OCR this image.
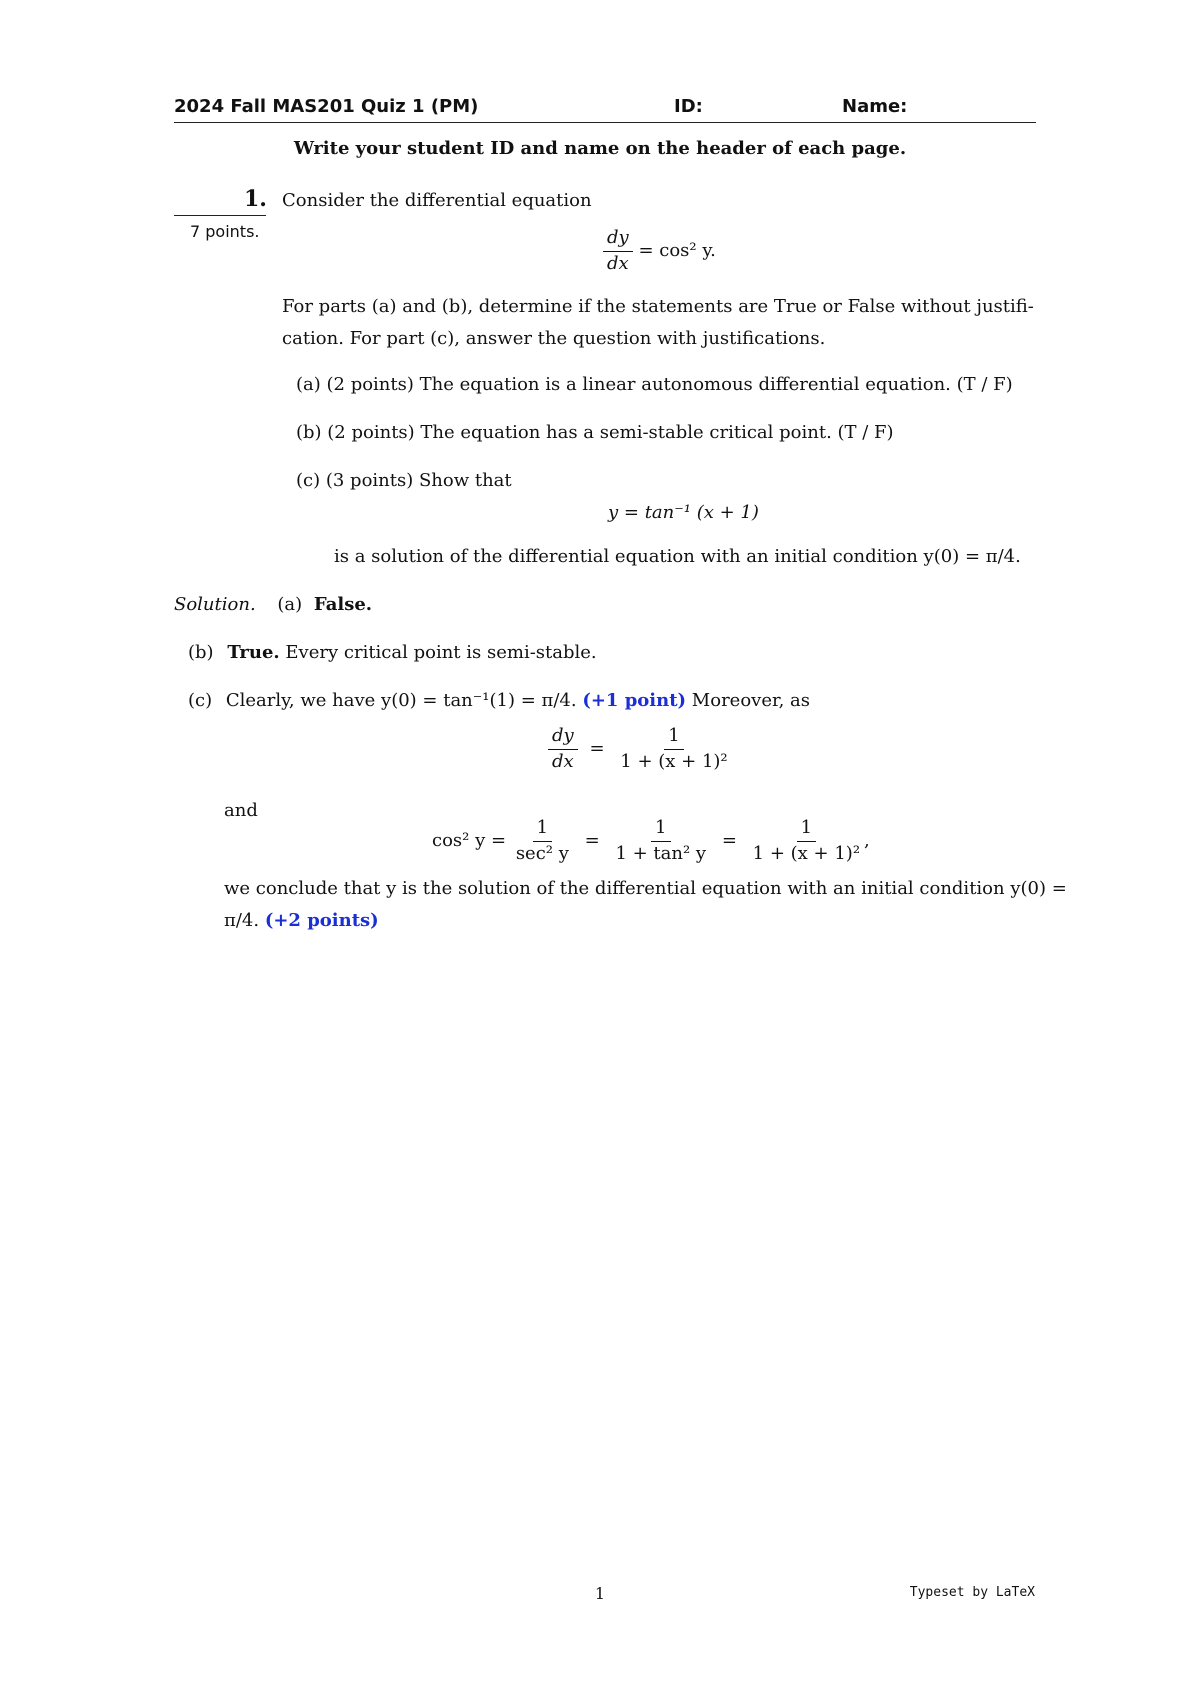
2024 Fall MAS201 Quiz 1 (PM)	ID:	Name:
Write your student ID and name on the header of each page.
1.
7 points.
Consider the differential equation
$\frac{dy}{dx} = \cos^2$ y.
For parts (a) and (b), determine if the statements are True or False without justifi-
cation. For part (c), answer the question with justifications.
(a) (2 points) The equation is a linear autonomous differential equation. (T / F)
(b) (2 points) The equation has a semi-stable critical point. (T / F)
(c) (3 points) Show that
y = tan⁻¹ (x + 1)
is a solution of the differential equation with an initial condition y(0) = π/4.
Solution. (a) False.
(b) True. Every critical point is semi-stable.
(c) Clearly, we have y(0) = tan⁻¹(1) = π/4. (+1 point) Moreover, as
$\frac{dy}{dx} = \frac{1}{\text{1 + (x + 1)²}}$
and
cos² $y = \frac{1}{\text{sec² y}} = \frac{1}{\text{1 + tan² y}} = \frac{1}{\text{1 + (x + 1)²}}$ ,
we conclude that y is the solution of the differential equation with an initial condition y(0) =
π/4. (+2 points)
1	Typeset by LaTeX
